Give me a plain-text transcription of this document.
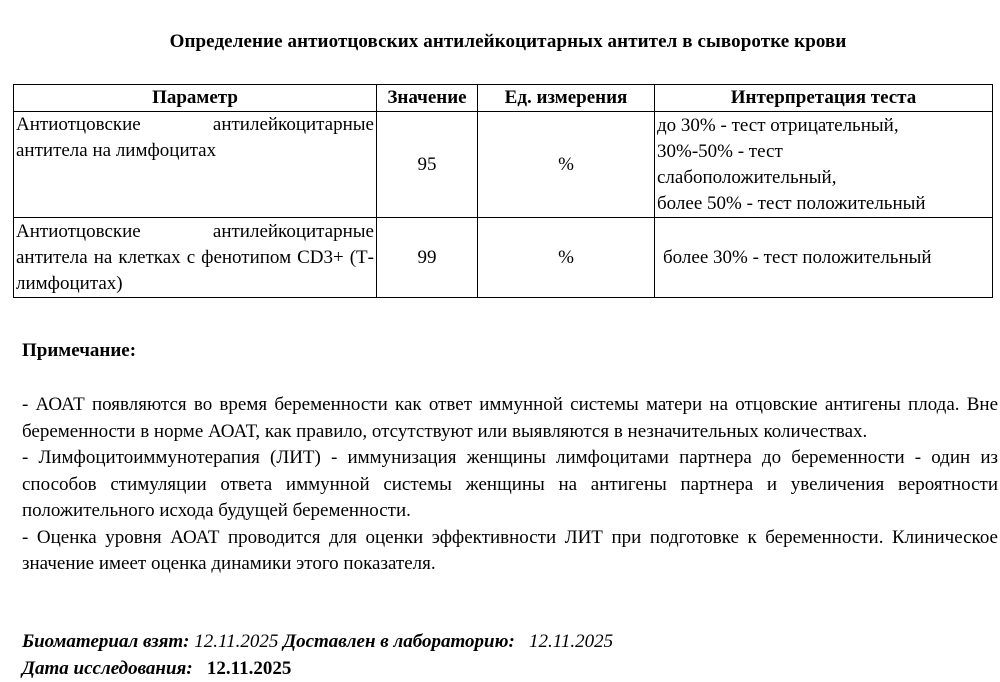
Определение антиотцовских антилейкоцитарных антител в сыворотке крови
Параметр	Значение	Ед. измерения	Интерпретация теста
Антиотцовские антилейкоцитарные антитела на лимфоцитах	95	%	до 30% - тест отрицательный,
30%-50% - тест
слабоположительный,
более 50% - тест положительный

Антиотцовские антилейкоцитарные антитела на клетках с фенотипом CD3+ (Т-лимфоцитах)	99	%	более 30% - тест положительный
Примечание:

- АОАТ появляются во время беременности как ответ иммунной системы матери на отцовские антигены плода. Вне беременности в норме АОАТ, как правило, отсутствуют или выявляются в незначительных количествах.

- Лимфоцитоиммунотерапия (ЛИТ) - иммунизация женщины лимфоцитами партнера до беременности - один из способов стимуляции ответа иммунной системы женщины на антигены партнера и увеличения вероятности положительного исхода будущей беременности.

- Оценка уровня АОАТ проводится для оценки эффективности ЛИТ при подготовке к беременности. Клиническое значение имеет оценка динамики этого показателя.

Биоматериал взят: 12.11.2025 Доставлен в лабораторию: 12.11.2025
Дата исследования: 12.11.2025
